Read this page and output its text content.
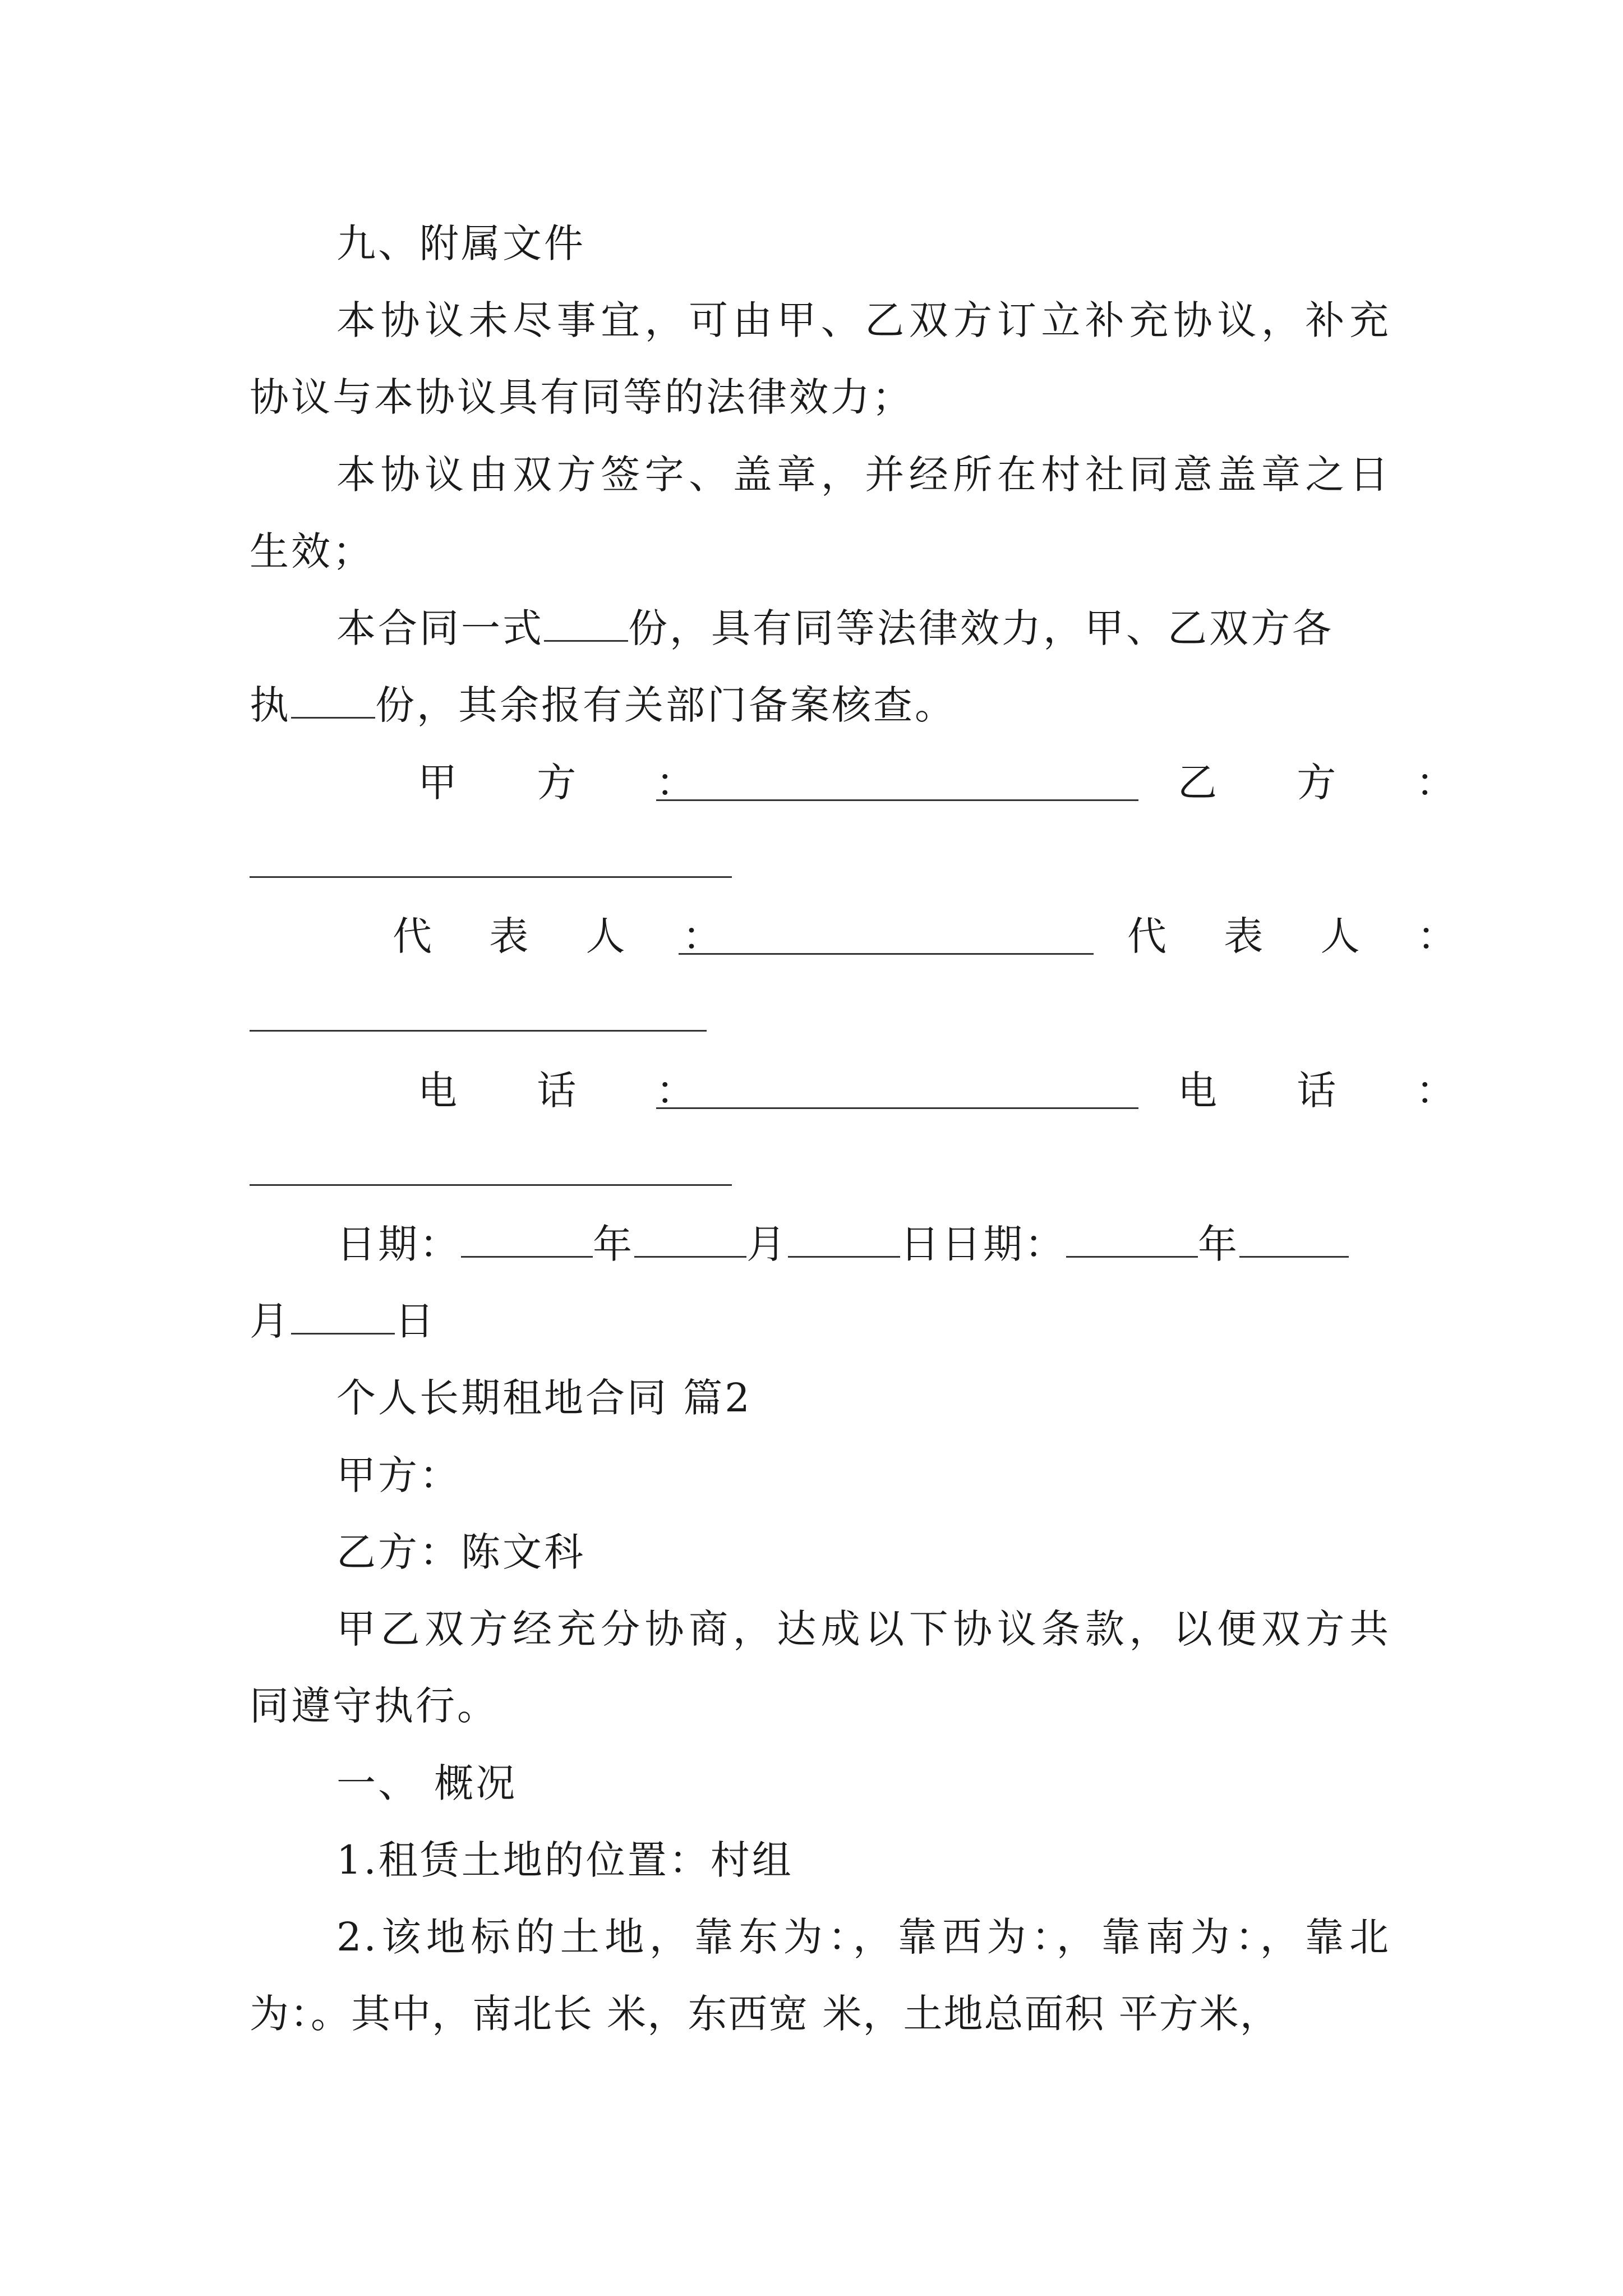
九、附属文件
本协议未尽事宜，可由甲、乙双方订立补充协议，补充
协议与本协议具有同等的法律效力；
本协议由双方签字、盖章，并经所在村社同意盖章之日
生效；
本合同一式 份，具有同等法律效力，甲、乙双方各
执 份，其余报有关部门备案核查。
甲 方 ：	乙 方 ：
代 表 人 ：	代 表 人 ：
电 话 ：	电 话 ：
日期：	年	月	日日期：	年
月	日
个人长期租地合同 篇2
甲方：
乙方：陈文科
甲乙双方经充分协商，达成以下协议条款，以便双方共
同遵守执行。
一、 概况
1.租赁土地的位置：村组
2.该地标的土地，靠东为：，靠西为：，靠南为：，靠北
为：。其中，南北长 米，东西宽 米，土地总面积 平方米，
